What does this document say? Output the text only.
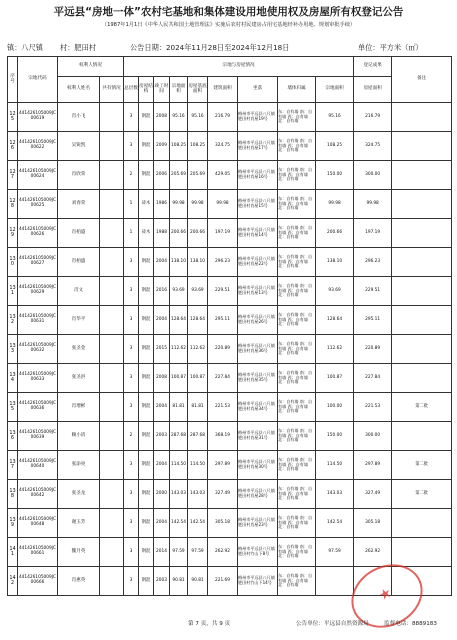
平远县“房地一体”农村宅基地和集体建设用地使用权及房屋所有权登记公告
（1987年1月1日《中华人民共和国土地管理法》实施后农村村民建房占用宅基地经补办用地、规划审批手续）
镇：八尺镇 村：肥田村	公告日期：2024年11月28日至2024年12月18日	单位：平方米（㎡）
序号	宗地代码	权利人情况		宗地与房屋情况									登记成果	备注
		权利人姓名	共有情况	总层数	房屋结构	竣工时间	宗地面积	房屋基底面积	建筑面积	坐落	墙体归属	宗地面积	房屋面积	
125	441426105009JC00619	肖小飞		3	钢混	2008	95.16	95.16	216.79	梅州市平远县八尺镇肥田村肖屋19号	东：自有墙 南：自有墙 西：自有墙 北：自有墙	95.16	216.79	
126	441426105009JC00622	吴锐凯		3	钢混	2009	108.25	108.25	324.75	梅州市平远县八尺镇肥田村肖屋17号	东：自有墙 南：自有墙 西：自有墙 北：自有墙	108.25	324.75	
127	441426105009JC00624	肖欣荣		2	钢混	2006	205.69	205.69	429.05	梅州市平远县八尺镇肥田村肖屋16号	东：自有墙 南：自有墙 西：自有墙 北：自有墙	150.00	300.00	
128	441426105009JC00625	刘春荣		1	砖木	1986	99.98	99.98	99.98	梅州市平远县八尺镇肥田村肖屋15号	东：自有墙 南：自有墙 西：自有墙 北：自有墙	99.98	99.98	
129	441426105009JC00626	肖栢盛		1	砖木	1988	200.66	200.66	197.19	梅州市平远县八尺镇肥田村肖屋14号	东：自有墙 南：自有墙 西：自有墙 北：自有墙	200.66	197.19	
130	441426105009JC00627	肖栢盛		3	钢混	2004	138.10	138.10	296.23	梅州市平远县八尺镇肥田村肖屋22号	东：自有墙 南：自有墙 西：自有墙 北：自有墙	138.10	296.23	
131	441426105009JC00629	肖文		3	钢混	2016	93.69	93.69	229.51	梅州市平远县八尺镇肥田村肖屋13号	东：自有墙 南：自有墙 西：自有墙 北：自有墙	93.69	229.51	
132	441426105009JC00631	肖华平		3	钢混	2004	128.64	128.64	295.11	梅州市平远县八尺镇肥田村肖屋26号	东：自有墙 南：自有墙 西：自有墙 北：自有墙	128.64	295.11	
133	441426105009JC00632	张圣金		3	钢混	2015	112.62	112.62	220.89	梅州市平远县八尺镇肥田村肖屋36号	东：自有墙 南：自有墙 西：自有墙 北：自有墙	112.62	220.89	
134	441426105009JC00633	张圣洪		3	钢混	2008	100.87	100.87	227.84	梅州市平远县八尺镇肥田村肖屋35号	东：自有墙 南：自有墙 西：自有墙 北：自有墙	100.87	227.84	
135	441426105009JC00636	肖增彬		3	钢混	2004	81.81	81.81	221.53	梅州市平远县八尺镇肥田村肖屋34号	东：自有墙 南：自有墙 西：自有墙 北：自有墙	100.00	221.53	第二批
136	441426105009JC00639	赖小清		2	钢混	2003	287.68	287.68	368.19	梅州市平远县八尺镇肥田村肖屋31号	东：自有墙 南：自有墙 西：自有墙 北：自有墙	150.00	300.00	
137	441426105009JC00640	张添亮		3	钢混	2004	114.50	114.50	297.89	梅州市平远县八尺镇肥田村肖屋30号	东：自有墙 南：自有墙 西：自有墙 北：自有墙	114.50	297.89	第二批
138	441426105009JC00642	张圣龙		3	钢混	2000	143.03	143.03	327.49	梅州市平远县八尺镇肥田村肖屋28号	东：自有墙 南：自有墙 西：自有墙 北：自有墙	143.03	327.49	第二批
139	441426105009JC00648	谢玉芳		3	钢混	2004	142.54	142.54	305.18	梅州市平远县八尺镇肥田村肖屋23号	东：自有墙 南：自有墙 西：自有墙 北：自有墙	142.54	305.18	
141	441426105009JC00661	魏月英		3	钢混	2014	97.59	97.59	262.92	梅州市平远县八尺镇肥田村竹山下8号	东：自有墙 南：自有墙 西：自有墙 北：自有墙	97.59	262.92	
142	441426105009JC00666	肖惠英		3	钢混	2003	90.81	90.81	221.69	梅州市平远县八尺镇肥田村竹山下14号	东：自有墙 南：自有墙 西：自有墙 北：自有墙				★
第 7 页，共 9 页	公告单位：平远县自然资源局	监督电话：8889183
